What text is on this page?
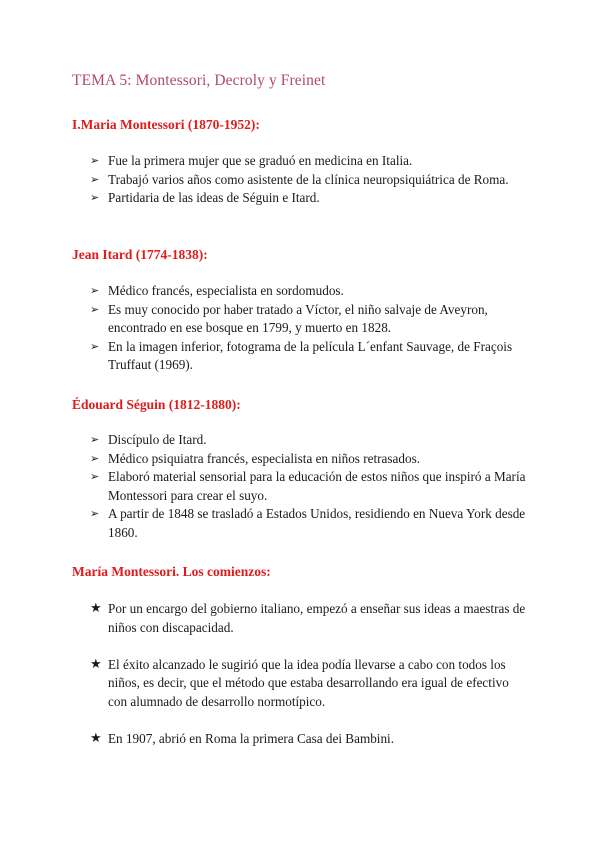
TEMA 5: Montessori, Decroly y Freinet
I.Maria Montessori (1870-1952):
➢ Fue la primera mujer que se graduó en medicina en Italia.
➢ Trabajó varios años como asistente de la clínica neuropsiquiátrica de Roma.
➢ Partidaria de las ideas de Séguin e Itard.
Jean Itard (1774-1838):
➢ Médico francés, especialista en sordomudos.
➢ Es muy conocido por haber tratado a Víctor, el niño salvaje de Aveyron, encontrado en ese bosque en 1799, y muerto en 1828.
➢ En la imagen inferior, fotograma de la película L´enfant Sauvage, de Fraçois Truffaut (1969).
Édouard Séguin (1812-1880):
➢ Discípulo de Itard.
➢ Médico psiquiatra francés, especialista en niños retrasados.
➢ Elaboró material sensorial para la educación de estos niños que inspiró a María Montessori para crear el suyo.
➢ A partir de 1848 se trasladó a Estados Unidos, residiendo en Nueva York desde 1860.
María Montessori. Los comienzos:
★ Por un encargo del gobierno italiano, empezó a enseñar sus ideas a maestras de niños con discapacidad.
★ El éxito alcanzado le sugirió que la idea podía llevarse a cabo con todos los niños, es decir, que el método que estaba desarrollando era igual de efectivo con alumnado de desarrollo normotípico.
★ En 1907, abrió en Roma la primera Casa dei Bambini.
